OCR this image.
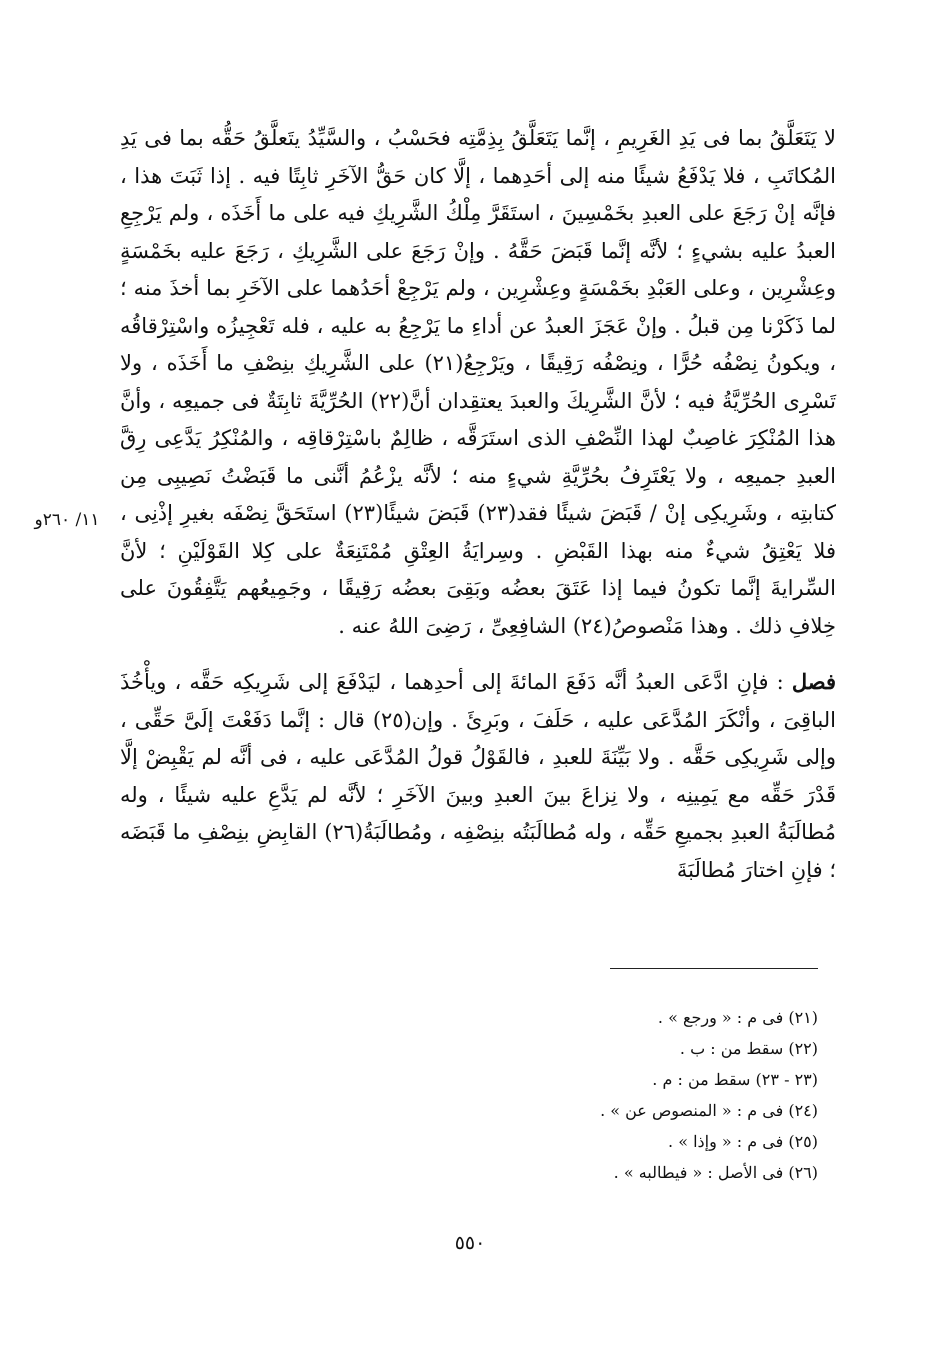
لا يَتَعَلَّقُ بما فى يَدِ الغَرِيمِ ، إنَّما يَتَعَلَّقُ بِذِمَّتِه فحَسْبُ ، والسَّيِّدُ يتَعلَّقُ حَقُّه بما فى يَدِ المُكاتَبِ ، فلا يَدْفَعُ شيئًا منه إلى أحَدِهما ، إلَّا كان حَقُّ الآخَرِ ثابِتًا فيه . إذا ثَبَتَ هذا ، فإنَّه إنْ رَجَعَ على العبدِ بخَمْسِينَ ، استَقَرَّ مِلْكُ الشَّرِيكِ فيه على ما أَخَذَه ، ولم يَرْجِعِ العبدُ عليه بشيءٍ ؛ لأنَّه إنَّما قَبَضَ حَقَّهُ . وإنْ رَجَعَ على الشَّرِيكِ ، رَجَعَ عليه بخَمْسَةٍ وعِشْرِين ، وعلى العَبْدِ بخَمْسَةٍ وعِشْرِين ، ولم يَرْجِعْ أحَدُهما على الآخَرِ بما أخذَ منه ؛ لما ذَكَرْنا مِن قبلُ . وإنْ عَجَزَ العبدُ عن أداءِ ما يَرْجِعُ به عليه ، فله تَعْجِيزُه واسْتِرْقاقُه ، ويكونُ نِصْفُه حُرًّا ، ونِصْفُه رَقِيقًا ، ويَرْجِعُ(٢١) على الشَّرِيكِ بنِصْفِ ما أَخَذَه ، ولا تَسْرِى الحُرِّيَّةُ فيه ؛ لأنَّ الشَّرِيكَ والعبدَ يعتقِدان أنَّ(٢٢) الحُرِّيَّةَ ثابِتَةٌ فى جميعِه ، وأنَّ هذا المُنْكِرَ غاصِبٌ لهذا النِّصْفِ الذى استَرَقَّه ، ظالِمٌ باسْتِرْقاقِه ، والمُنْكِرُ يَدَّعِى رِقَّ العبدِ جميعِه ، ولا يَعْتَرِفُ بحُرِّيَّةِ شيءٍ منه ؛ لأنَّه يزْعُمُ أنَّنى ما قَبَضْتُ نَصِيبِى مِن كتابتِه ، وشَرِيكِى إنْ / قَبَضَ شيئًا فقد(٢٣) قَبَضَ شيئًا(٢٣) استَحَقَّ نِصْفَه بغيرِ إذْنِى ، فلا يَعْتِقُ شيءٌ منه بهذا القَبْضِ . وسِرايَةُ العِتْقِ مُمْتَنِعَةٌ على كِلا القَوْلَيْنِ ؛ لأنَّ السِّرايةَ إنَّما تكونُ فيما إذا عَتَقَ بعضُه وبَقِىَ بعضُه رَقِيقًا ، وجَمِيعُهم يَتَّفِقُونَ على خِلافِ ذلك . وهذا مَنْصوصُ(٢٤) الشافِعِىِّ ، رَضِىَ اللهُ عنه .

فصل : فإنِ ادَّعَى العبدُ أنَّه دَفَعَ المائةَ إلى أحدِهما ، ليَدْفَعَ إلى شَرِيكِه حَقَّه ، ويأْخُذَ الباقِىَ ، وأنْكَرَ المُدَّعَى عليه ، حَلَفَ ، وبَرِئَ . وإن(٢٥) قال : إنَّما دَفَعْتَ إلَىَّ حَقِّى ، وإلى شَرِيكِى حَقَّه . ولا بَيِّنَةَ للعبدِ ، فالقَوْلُ قولُ المُدَّعَى عليه ، فى أنَّه لم يَقْبِضْ إلَّا قَدْرَ حَقِّه مع يَمِينِه ، ولا نِزاعَ بينَ العبدِ وبينَ الآخَرِ ؛ لأنَّه لم يَدَّعِ عليه شيئًا ، وله مُطالَبَةُ العبدِ بجميعِ حَقِّه ، وله مُطالَبَتُه بنِصْفِه ، ومُطالَبَةُ(٢٦) القابِضِ بنِصْفِ ما قَبَضَه ؛ فإنِ اختارَ مُطالَبَةَ

١١/ ٢٦٠و
(٢١) فى م : « ورجع » .
(٢٢) سقط من : ب .
(٢٣ - ٢٣) سقط من : م .
(٢٤) فى م : « المنصوص عن » .
(٢٥) فى م : « وإذا » .
(٢٦) فى الأصل : « فيطالبه » .
٥٥٠
